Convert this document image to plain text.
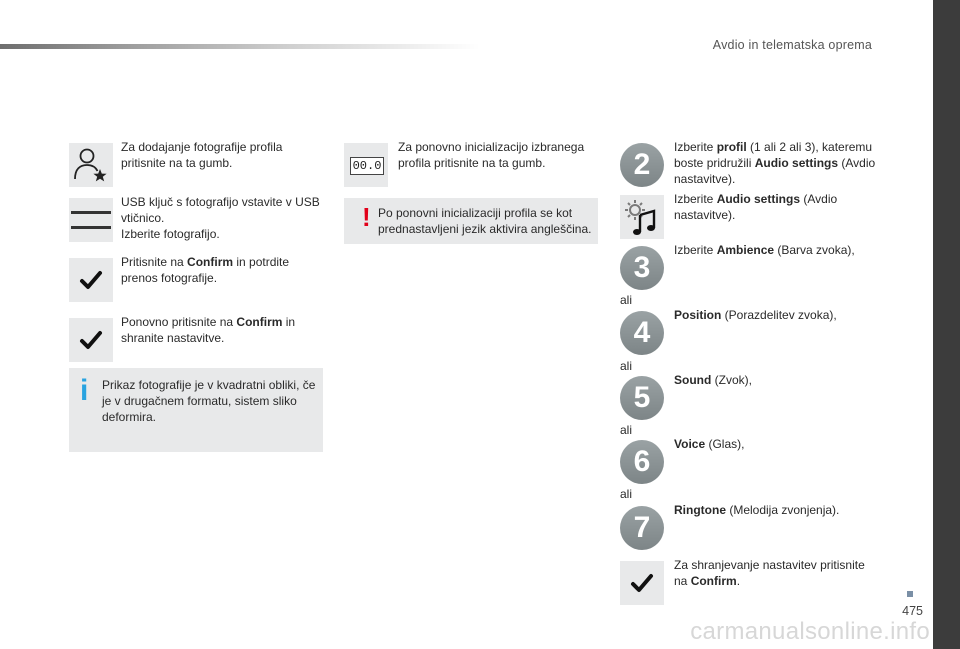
Avdio in telematska oprema
Za dodajanje fotografije profila pritisnite na ta gumb.
USB ključ s fotografijo vstavite v USB vtičnico.
Izberite fotografijo.
Pritisnite na Confirm in potrdite prenos fotografije.
Ponovno pritisnite na Confirm in shranite nastavitve.
i Prikaz fotografije je v kvadratni obliki, če je v drugačnem formatu, sistem sliko deformira.
00.0
Za ponovno inicializacijo izbranega profila pritisnite na ta gumb.
! Po ponovni inicializaciji profila se kot prednastavljeni jezik aktivira angleščina.
2
Izberite profil (1 ali 2 ali 3), kateremu boste pridružili Audio settings (Avdio nastavitve).
Izberite Audio settings (Avdio nastavitve).
3
Izberite Ambience (Barva zvoka),
ali
4
Position (Porazdelitev zvoka),
ali
5
Sound (Zvok),
ali
6
Voice (Glas),
ali
7
Ringtone (Melodija zvonjenja).
Za shranjevanje nastavitev pritisnite na Confirm.
475
carmanualsonline.info
